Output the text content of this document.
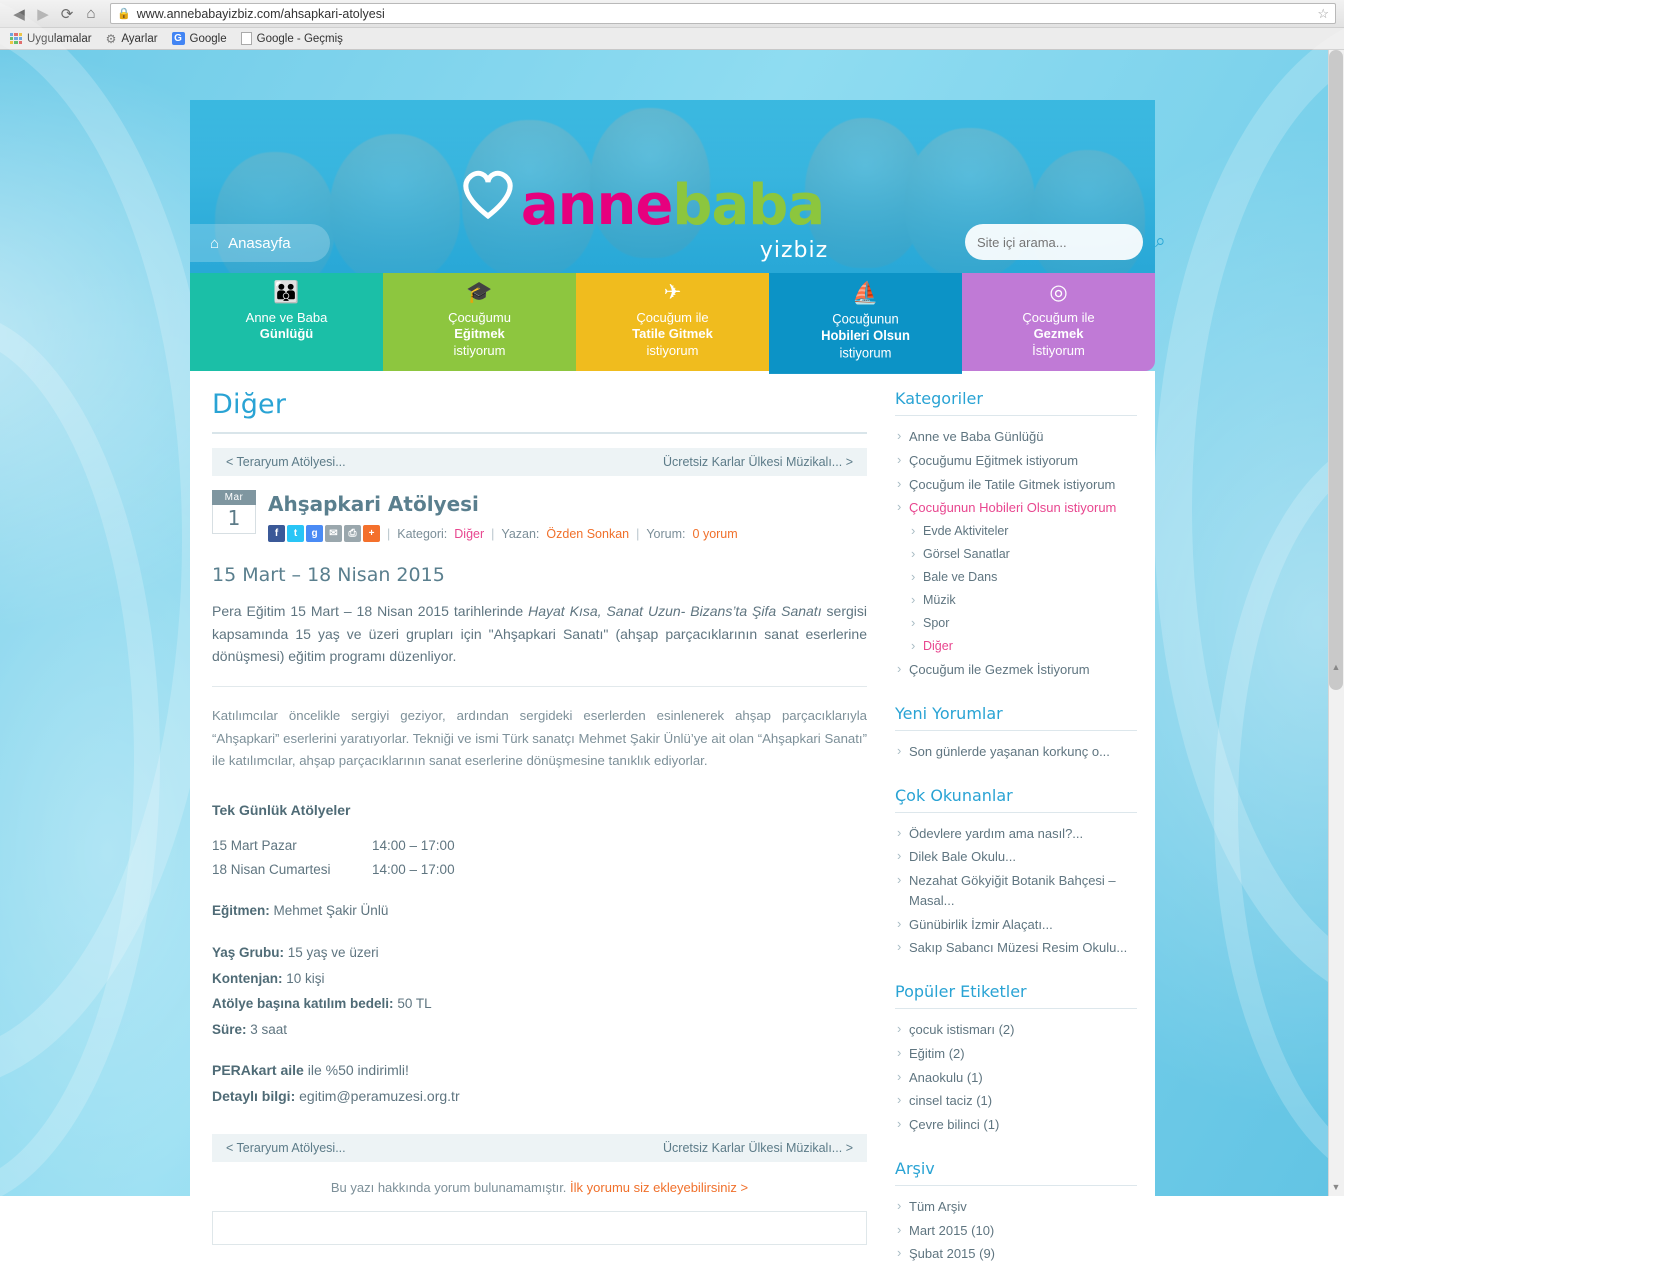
◀ ▶ ⟳ ⌂	🔒 www.annebabayizbiz.com/ahsapkari-atolyesi	☆
Uygulamalar ⚙ Ayarlar G Google	Google - Geçmiş
annebaba
yizbiz
⌂ Anasayfa
Site içi arama...	⌕
👪
Anne ve Baba
Günlüğü
🎓
Çocuğumu
Eğitmek
istiyorum
✈
Çocuğum ile
Tatile Gitmek
istiyorum
⛵
Çocuğunun
Hobileri Olsun
istiyorum
◎
Çocuğum ile
Gezmek
İstiyorum
Diğer
< Teraryum Atölyesi...	Ücretsiz Karlar Ülkesi Müzikalı... >
Mar
1
Ahşapkari Atölyesi
f	t	g	✉	⎙	+	| Kategori: Diğer | Yazan: Özden Sonkan | Yorum: 0 yorum
15 Mart – 18 Nisan 2015

Pera Eğitim 15 Mart – 18 Nisan 2015 tarihlerinde Hayat Kısa, Sanat Uzun- Bizans’ta Şifa Sanatı sergisi kapsamında 15 yaş ve üzeri grupları için "Ahşapkari Sanatı" (ahşap parçacıklarının sanat eserlerine dönüşmesi) eğitim programı düzenliyor.

Katılımcılar öncelikle sergiyi geziyor, ardından sergideki eserlerden esinlenerek ahşap parçacıklarıyla “Ahşapkari” eserlerini yaratıyorlar. Tekniği ve ismi Türk sanatçı Mehmet Şakir Ünlü’ye ait olan “Ahşapkari Sanatı” ile katılımcılar, ahşap parçacıklarının sanat eserlerine dönüşmesine tanıklık ediyorlar.

Tek Günlük Atölyeler

15 Mart Pazar	14:00 – 17:00
18 Nisan Cumartesi	14:00 – 17:00
Eğitmen: Mehmet Şakir Ünlü
Yaş Grubu: 15 yaş ve üzeri
Kontenjan: 10 kişi
Atölye başına katılım bedeli: 50 TL
Süre: 3 saat
PERAkart aile ile %50 indirimli!
Detaylı bilgi: egitim@peramuzesi.org.tr
< Teraryum Atölyesi...	Ücretsiz Karlar Ülkesi Müzikalı... >
Bu yazı hakkında yorum bulunamamıştır. İlk yorumu siz ekleyebilirsiniz >
Kategoriler
› Anne ve Baba Günlüğü
› Çocuğumu Eğitmek istiyorum
› Çocuğum ile Tatile Gitmek istiyorum
› Çocuğunun Hobileri Olsun istiyorum
› Evde Aktiviteler
› Görsel Sanatlar
› Bale ve Dans
› Müzik
› Spor
› Diğer
› Çocuğum ile Gezmek İstiyorum
Yeni Yorumlar
› Son günlerde yaşanan korkunç o...
Çok Okunanlar
› Ödevlere yardım ama nasıl?...
› Dilek Bale Okulu...
› Nezahat Gökyiğit Botanik Bahçesi – Masal...
› Günübirlik İzmir Alaçatı...
› Sakıp Sabancı Müzesi Resim Okulu...
Popüler Etiketler
› çocuk istismarı (2)
› Eğitim (2)
› Anaokulu (1)
› cinsel taciz (1)
› Çevre bilinci (1)
Arşiv
› Tüm Arşiv
› Mart 2015 (10)
› Şubat 2015 (9)
▲
▼
